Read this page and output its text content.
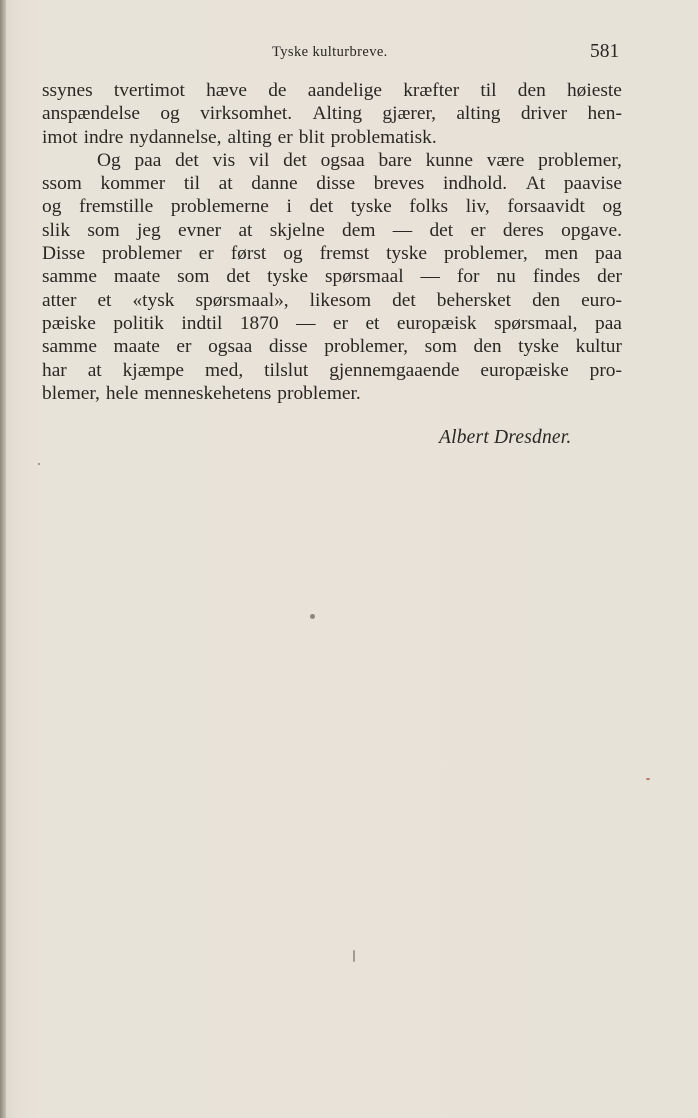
Tyske kulturbreve.	581
ssynes tvertimot hæve de aandelige kræfter til den høieste
anspændelse og virksomhet. Alting gjærer, alting driver hen-
imot indre nydannelse, alting er blit problematisk.
Og paa det vis vil det ogsaa bare kunne være problemer,
ssom kommer til at danne disse breves indhold. At paavise
og fremstille problemerne i det tyske folks liv, forsaavidt og
slik som jeg evner at skjelne dem — det er deres opgave.
Disse problemer er først og fremst tyske problemer, men paa
samme maate som det tyske spørsmaal — for nu findes der
atter et «tysk spørsmaal», likesom det behersket den euro-
pæiske politik indtil 1870 — er et europæisk spørsmaal, paa
samme maate er ogsaa disse problemer, som den tyske kultur
har at kjæmpe med, tilslut gjennemgaaende europæiske pro-
blemer, hele menneskehetens problemer.
Albert Dresdner.
